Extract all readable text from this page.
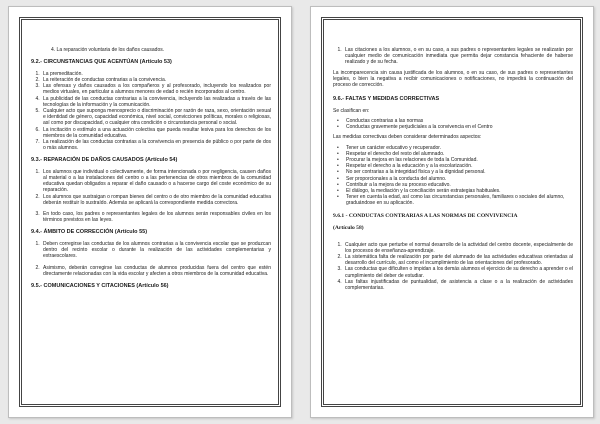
4. La reparación voluntaria de los daños causados.

9.2.- CIRCUNSTANCIAS QUE ACENTÚAN (Artículo 53)
1. La premeditación.
2. La reiteración de conductas contrarias a la convivencia.
3. Las ofensas y daños causados a los compañeros y al profesorado, incluyendo los realizados por medios virtuales, en particular a alumnos menores de edad o recién incorporados al centro.
4. La publicidad de las conductas contrarias a la convivencia, incluyendo las realizadas a través de las tecnologías de la información y la comunicación.
5. Cualquier acto que suponga menosprecio o discriminación por razón de raza, sexo, orientación sexual e identidad de género, capacidad económica, nivel social, convicciones políticas, morales o religiosas, así como por discapacidad, o cualquier otra condición o circunstancia personal o social.
6. La incitación o estímulo a una actuación colectiva que pueda resultar lesiva para los derechos de los miembros de la comunidad educativa.
7. La realización de las conductas contrarias a la convivencia en presencia de público o por parte de dos o más alumnos.
9.3.- REPARACIÓN DE DAÑOS CAUSADOS (Artículo 54)
1. Los alumnos que individual o colectivamente, de forma intencionada o por negligencia, causen daños al material o a las instalaciones del centro o a las pertenencias de otros miembros de la comunidad educativa quedan obligados a reparar el daño causado o a hacerse cargo del coste económico de su reparación.
2. Los alumnos que sustraigan o rompan bienes del centro o de otro miembro de la comunidad educativa deberán restituir lo sustraído. Además se aplicará la correspondiente medida correctora.
3. En todo caso, los padres o representantes legales de los alumnos serán responsables civiles en los términos previstos en las leyes.
9.4.- ÁMBITO DE CORRECCIÓN (Artículo 55)
1. Deben corregirse las conductas de los alumnos contrarias a la convivencia escolar que se produzcan dentro del recinto escolar o durante la realización de las actividades complementarias y extraescolares.
2. Asimismo, deberán corregirse las conductas de alumnos producidas fuera del centro que estén directamente relacionadas con la vida escolar y afecten a otros miembros de la comunidad educativa.
9.5.- COMUNICACIONES Y CITACIONES (Artículo 56)
1. Las citaciones a los alumnos, o en su caso, a sus padres o representantes legales se realizarán por cualquier medio de comunicación inmediata que permita dejar constancia fehaciente de haberse realizado y de su fecha.

La incomparecencia sin causa justificada de los alumnos, o en su caso, de sus padres o representantes legales, o bien la negativa a recibir comunicaciones o notificaciones, no impedirá la continuación del proceso de corrección.

9.6.- FALTAS Y MEDIDAS CORRECTIVAS

Se clasifican en:

• Conductas contrarias a las normas
• Conductas gravemente perjudiciales a la convivencia en el Centro

Las medidas correctivas deben considerar determinados aspectos:

• Tener un carácter educativo y recuperador.
• Respetar el derecho del resto del alumnado.
• Procurar la mejora en las relaciones de toda la Comunidad.
• Respetar el derecho a la educación y a la escolarización.
• No ser contrarias a la integridad física y a la dignidad personal.
• Ser proporcionales a la conducta del alumno.
• Contribuir a la mejora de su proceso educativo.
• El diálogo, la mediación y la conciliación serán estrategias habituales.
• Tener en cuenta la edad, así como las circunstancias personales, familiares o sociales del alumno, graduándose en su aplicación.
9.6.1 - CONDUCTAS CONTRARIAS A LAS NORMAS DE CONVIVENCIA
(Artículo 58)
1. Cualquier acto que perturbe el normal desarrollo de la actividad del centro docente, especialmente de los procesos de enseñanza-aprendizaje.
2. La sistemática falta de realización por parte del alumnado de las actividades educativas orientadas al desarrollo del currículo, así como el incumplimiento de las orientaciones del profesorado.
3. Las conductas que dificulten o impidan a los demás alumnos el ejercicio de su derecho a aprender o el cumplimiento del deber de estudiar.
4. Las faltas injustificadas de puntualidad, de asistencia a clase o a la realización de actividades complementarias.
